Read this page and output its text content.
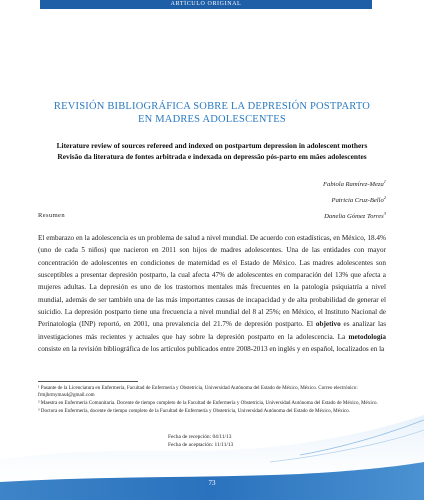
ARTÍCULO ORIGINAL
REVISIÓN BIBLIOGRÁFICA SOBRE LA DEPRESIÓN POSTPARTO
EN MADRES ADOLESCENTES
Literature review of sources refereed and indexed on postpartum depression in adolescent mothers
Revisão da literatura de fontes arbitrada e indexada on depressão pós-parto em mães adolescentes
Fabiola Ramírez-Meza$^1$
Patricia Cruz-Bello$^2$
Danelia Gómez Torres$^3$
Resumen
El embarazo en la adolescencia es un problema de salud a nivel mundial. De acuerdo con estadísticas, en México, 18.4% (uno de cada 5 niños) que nacieron en 2011 son hijos de madres adolescentes. Una de las entidades con mayor concentración de adolescentes en condiciones de maternidad es el Estado de México. Las madres adolescentes son susceptibles a presentar depresión postparto, la cual afecta 47% de adolescentes en comparación del 13% que afecta a mujeres adultas. La depresión es uno de los trastornos mentales más frecuentes en la patología psiquiatría a nivel mundial, además de ser también una de las más importantes causas de incapacidad y de alta probabilidad de generar el suicidio. La depresión postparto tiene una frecuencia a nivel mundial del 8 al 25%; en México, el Instituto Nacional de Perinatología (INP) reportó, en 2001, una prevalencia del 21.7% de depresión postparto. El objetivo es analizar las investigaciones más recientes y actuales que hay sobre la depresión postparto en la adolescencia. La metodología consiste en la revisión bibliográfica de los artículos publicados entre 2008-2013 en inglés y en español, localizados en la

¹ Pasante de la Licenciatura en Enfermería, Facultad de Enfermería y Obstetricia, Universidad Autónoma del Estado de México, México. Correo electrónico: frmjhrmymas4@gmail.com

² Maestra en Enfermería Comunitaria. Docente de tiempo completo de la Facultad de Enfermería y Obstetricia, Universidad Autónoma del Estado de México, México.

³ Doctora en Enfermería, docente de tiempo completo de la Facultad de Enfermería y Obstetricia, Universidad Autónoma del Estado de México, México.

Fecha de recepción: 04/11/13
Fecha de aceptación: 11/11/13
73
